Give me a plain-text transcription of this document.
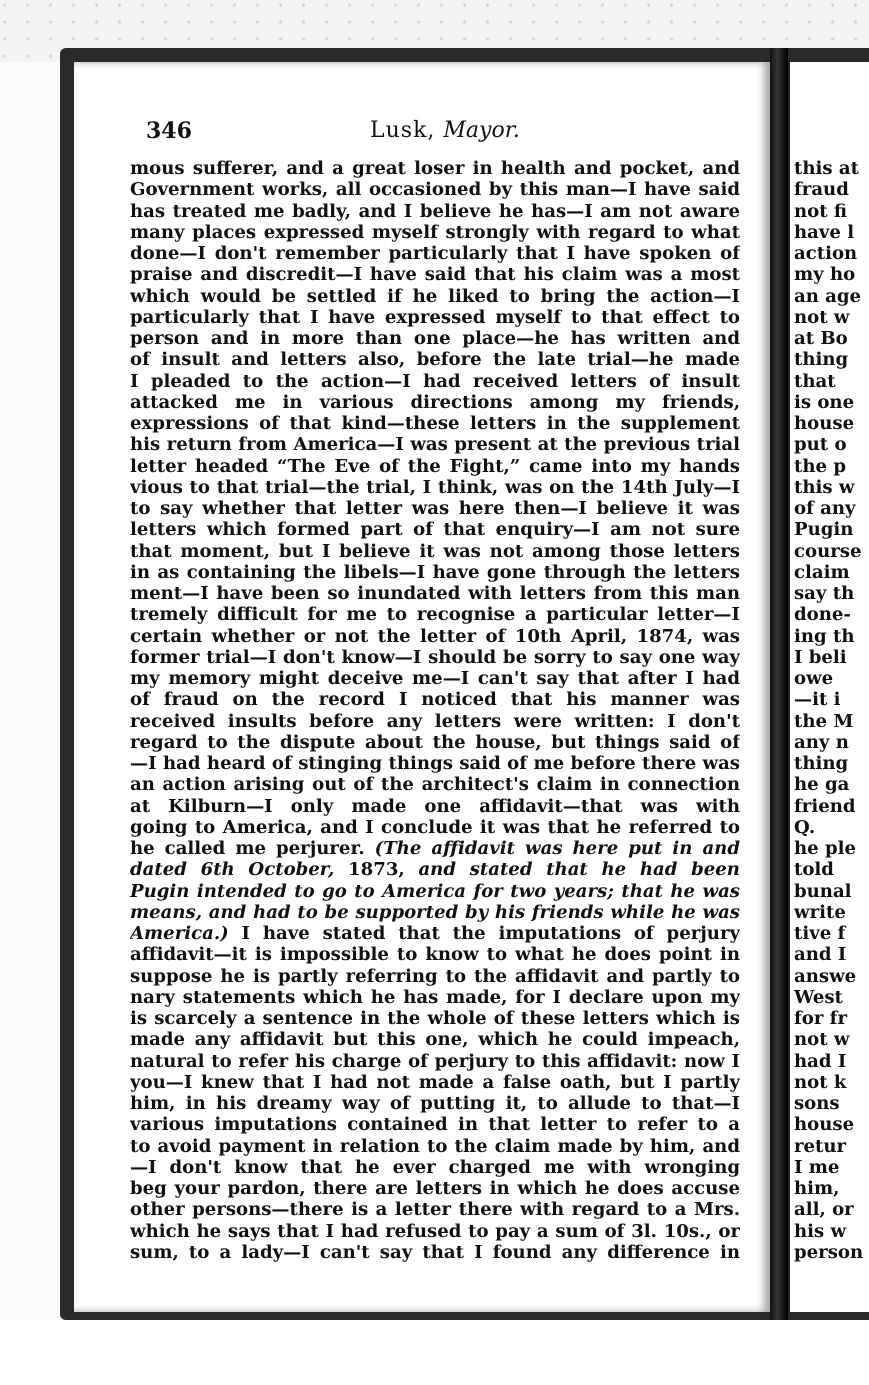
this at
fraud
not fi
have l
action
my ho
an age
not w
at Bo
thing
that
is one
house
put o
the p
this w
of any
Pugin
course
claim
say th
done-
ing th
I beli
owe
—it i
the M
any n
thing
he ga
friend
Q.
he ple
told
bunal
write
tive f
and I
answe
West
for fr
not w
had I
not k
sons
house
retur
I me
him,
all, or
his w
person
346	Lusk, Mayor.
mous sufferer, and a great loser in health and pocket, and
Government works, all occasioned by this man—I have said
has treated me badly, and I believe he has—I am not aware
many places expressed myself strongly with regard to what
done—I don't remember particularly that I have spoken of
praise and discredit—I have said that his claim was a most
which would be settled if he liked to bring the action—I
particularly that I have expressed myself to that effect to
person and in more than one place—he has written and
of insult and letters also, before the late trial—he made
I pleaded to the action—I had received letters of insult
attacked me in various directions among my friends,
expressions of that kind—these letters in the supplement
his return from America—I was present at the previous trial
letter headed “The Eve of the Fight,” came into my hands
vious to that trial—the trial, I think, was on the 14th July—I
to say whether that letter was here then—I believe it was
letters which formed part of that enquiry—I am not sure
that moment, but I believe it was not among those letters
in as containing the libels—I have gone through the letters
ment—I have been so inundated with letters from this man
tremely difficult for me to recognise a particular letter—I
certain whether or not the letter of 10th April, 1874, was
former trial—I don't know—I should be sorry to say one way
my memory might deceive me—I can't say that after I had
of fraud on the record I noticed that his manner was
received insults before any letters were written: I don't
regard to the dispute about the house, but things said of
—I had heard of stinging things said of me before there was
an action arising out of the architect's claim in connection
at Kilburn—I only made one affidavit—that was with
going to America, and I conclude it was that he referred to
he called me perjurer. (The affidavit was here put in and
dated 6th October, 1873, and stated that he had been
Pugin intended to go to America for two years; that he was
means, and had to be supported by his friends while he was
America.) I have stated that the imputations of perjury
affidavit—it is impossible to know to what he does point in
suppose he is partly referring to the affidavit and partly to
nary statements which he has made, for I declare upon my
is scarcely a sentence in the whole of these letters which is
made any affidavit but this one, which he could impeach,
natural to refer his charge of perjury to this affidavit: now I
you—I knew that I had not made a false oath, but I partly
him, in his dreamy way of putting it, to allude to that—I
various imputations contained in that letter to refer to a
to avoid payment in relation to the claim made by him, and
—I don't know that he ever charged me with wronging
beg your pardon, there are letters in which he does accuse
other persons—there is a letter there with regard to a Mrs.
which he says that I had refused to pay a sum of 3l. 10s., or
sum, to a lady—I can't say that I found any difference in
